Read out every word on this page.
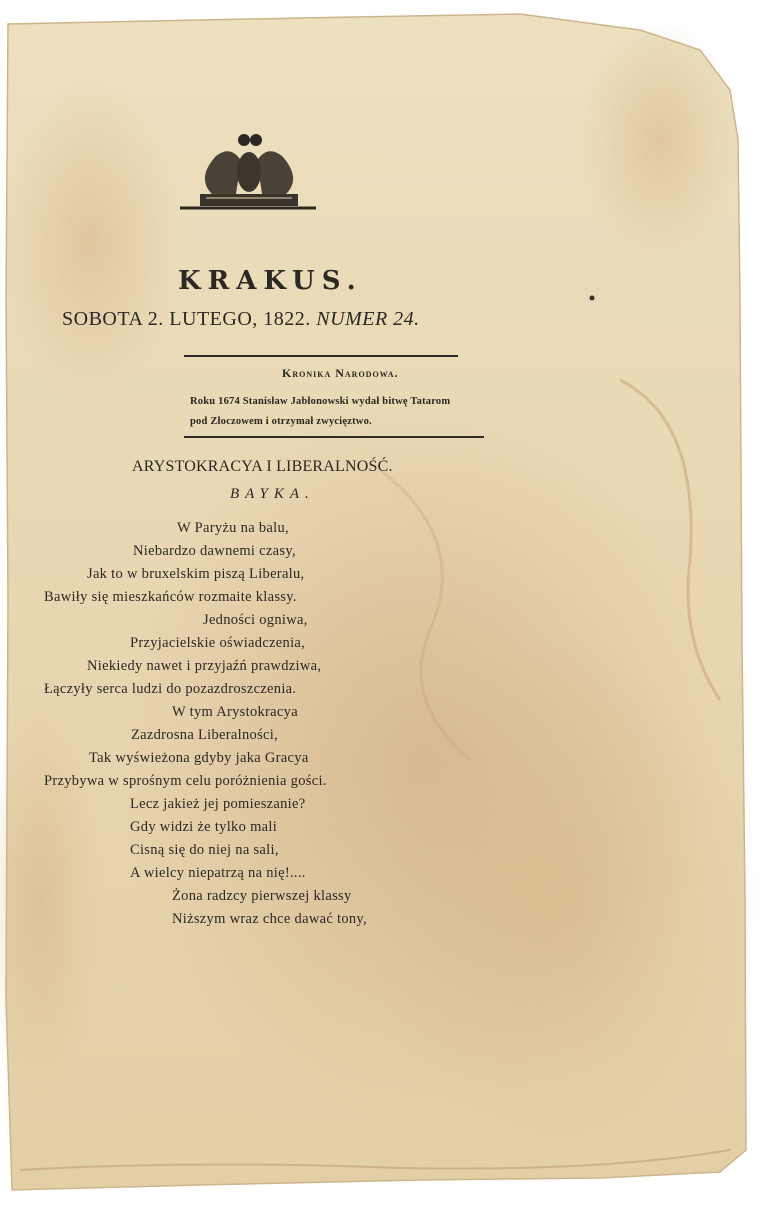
KRAKUS.
SOBOTA 2. LUTEGO, 1822. NUMER 24.
Kronika Narodowa.
Roku 1674 Stanisław Jabłonowski wydał bitwę Tatarom
pod Złoczowem i otrzymał zwycięztwo.
ARYSTOKRACYA I LIBERALNOŚĆ.
BAYKA.
W Paryżu na balu,
Niebardzo dawnemi czasy,
Jak to w bruxelskim piszą Liberalu,
Bawiły się mieszkańców rozmaite klassy.
Jedności ogniwa,
Przyjacielskie oświadczenia,
Niekiedy nawet i przyjaźń prawdziwa,
Łączyły serca ludzi do pozazdroszczenia.
W tym Arystokracya
Zazdrosna Liberalności,
Tak wyświeżona gdyby jaka Gracya
Przybywa w sprośnym celu poróżnienia gości.
Lecz jakież jej pomieszanie?
Gdy widzi że tylko mali
Cisną się do niej na sali,
A wielcy niepatrzą na nię!....
Żona radzcy pierwszej klassy
Niższym wraz chce dawać tony,
